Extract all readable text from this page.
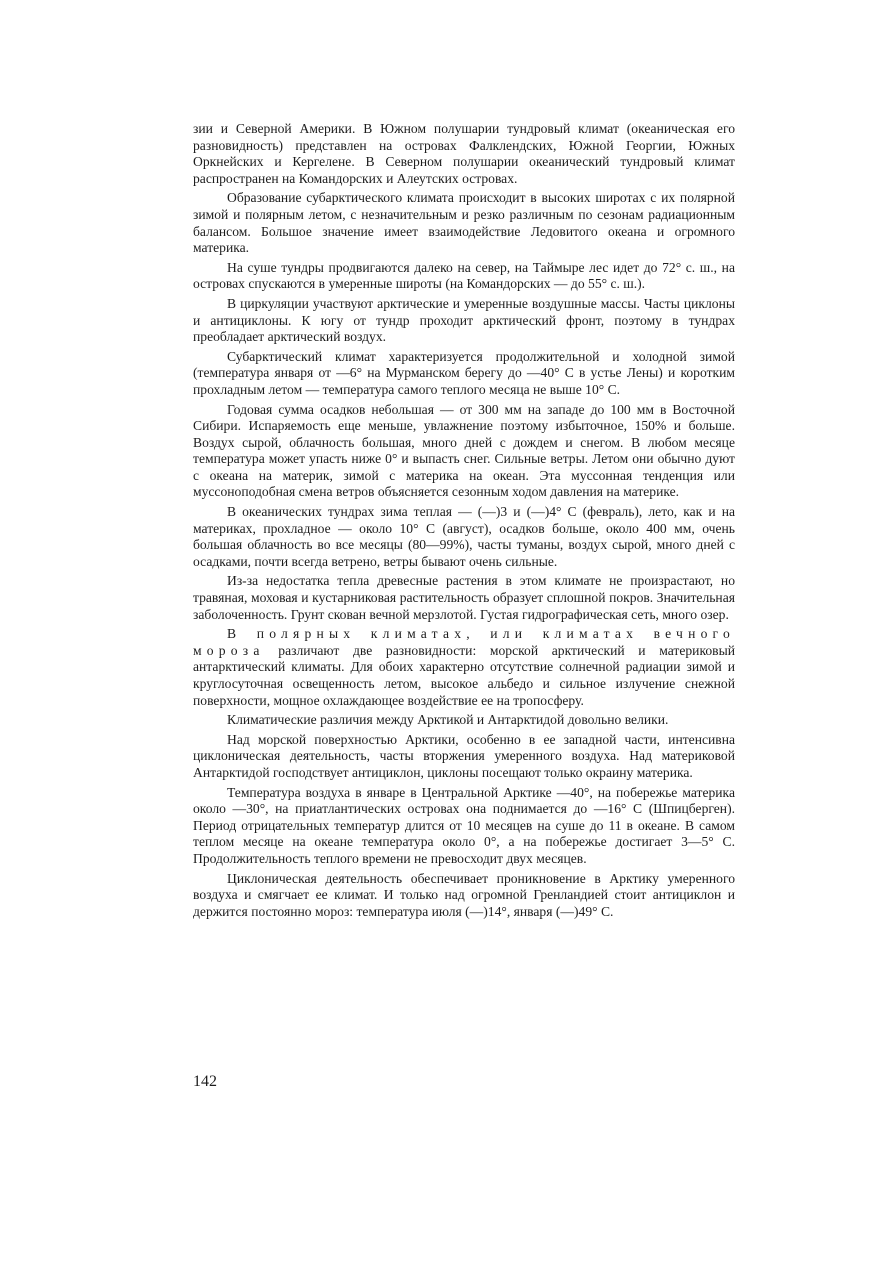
зии и Северной Америки. В Южном полушарии тундровый климат (океаническая его разновидность) представлен на островах Фалклендских, Южной Георгии, Южных Оркнейских и Кергелене. В Северном полушарии океанический тундровый климат распространен на Командорских и Алеутских островах.

Образование субарктического климата происходит в высоких широтах с их полярной зимой и полярным летом, с незначительным и резко различным по сезонам радиационным балансом. Большое значение имеет взаимодействие Ледовитого океана и огромного материка.

На суше тундры продвигаются далеко на север, на Таймыре лес идет до 72° с. ш., на островах спускаются в умеренные широты (на Командорских — до 55° с. ш.).

В циркуляции участвуют арктические и умеренные воздушные массы. Часты циклоны и антициклоны. К югу от тундр проходит арктический фронт, поэтому в тундрах преобладает арктический воздух.

Субарктический климат характеризуется продолжительной и холодной зимой (температура января от —6° на Мурманском берегу до —40° С в устье Лены) и коротким прохладным летом — температура самого теплого месяца не выше 10° С.

Годовая сумма осадков небольшая — от 300 мм на западе до 100 мм в Восточной Сибири. Испаряемость еще меньше, увлажнение поэтому избыточное, 150% и больше. Воздух сырой, облачность большая, много дней с дождем и снегом. В любом месяце температура может упасть ниже 0° и выпасть снег. Сильные ветры. Летом они обычно дуют с океана на материк, зимой с материка на океан. Эта муссонная тенденция или муссоноподобная смена ветров объясняется сезонным ходом давления на материке.

В океанических тундрах зима теплая — (—)3 и (—)4° С (февраль), лето, как и на материках, прохладное — около 10° С (август), осадков больше, около 400 мм, очень большая облачность во все месяцы (80—99%), часты туманы, воздух сырой, много дней с осадками, почти всегда ветрено, ветры бывают очень сильные.

Из-за недостатка тепла древесные растения в этом климате не произрастают, но травяная, моховая и кустарниковая растительность образует сплошной покров. Значительная заболоченность. Грунт скован вечной мерзлотой. Густая гидрографическая сеть, много озер.

В полярных климатах, или климатах вечного мороза различают две разновидности: морской арктический и материковый антарктический климаты. Для обоих характерно отсутствие солнечной радиации зимой и круглосуточная освещенность летом, высокое альбедо и сильное излучение снежной поверхности, мощное охлаждающее воздействие ее на тропосферу.

Климатические различия между Арктикой и Антарктидой довольно велики.

Над морской поверхностью Арктики, особенно в ее западной части, интенсивна циклоническая деятельность, часты вторжения умеренного воздуха. Над материковой Антарктидой господствует антициклон, циклоны посещают только окраину материка.

Температура воздуха в январе в Центральной Арктике —40°, на побережье материка около —30°, на приатлантических островах она поднимается до —16° С (Шпицберген). Период отрицательных температур длится от 10 месяцев на суше до 11 в океане. В самом теплом месяце на океане температура около 0°, а на побережье достигает 3—5° С. Продолжительность теплого времени не превосходит двух месяцев.

Циклоническая деятельность обеспечивает проникновение в Арктику умеренного воздуха и смягчает ее климат. И только над огромной Гренландией стоит антициклон и держится постоянно мороз: температура июля (—)14°, января (—)49° С.

142
